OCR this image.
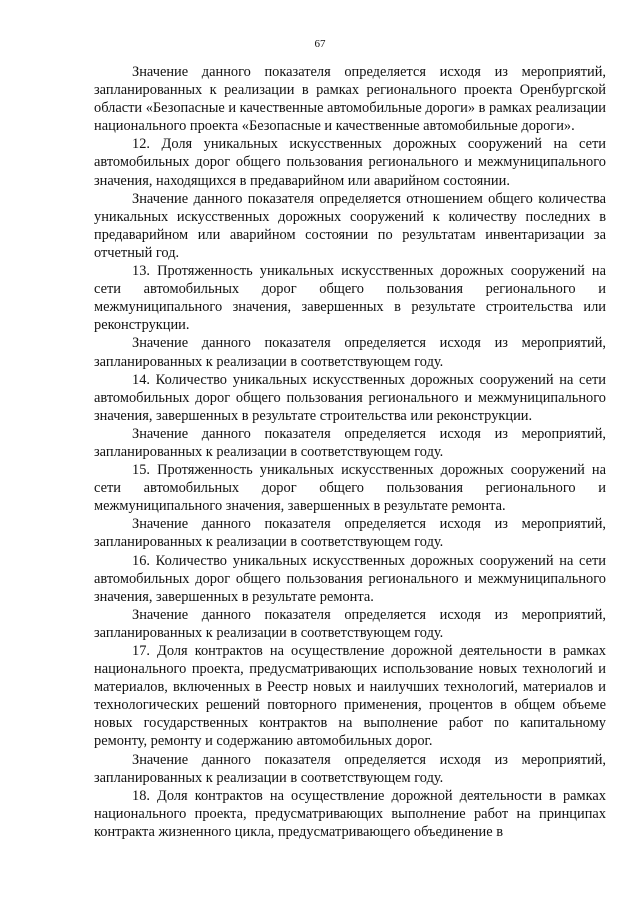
67

Значение данного показателя определяется исходя из мероприятий, запланированных к реализации в рамках регионального проекта Оренбургской области «Безопасные и качественные автомобильные дороги» в рамках реализации национального проекта «Безопасные и качественные автомобильные дороги».

12. Доля уникальных искусственных дорожных сооружений на сети автомобильных дорог общего пользования регионального и межмуниципального значения, находящихся в предаварийном или аварийном состоянии.

Значение данного показателя определяется отношением общего количества уникальных искусственных дорожных сооружений к количеству последних в предаварийном или аварийном состоянии по результатам инвентаризации за отчетный год.

13. Протяженность уникальных искусственных дорожных сооружений на сети автомобильных дорог общего пользования регионального и межмуниципального значения, завершенных в результате строительства или реконструкции.

Значение данного показателя определяется исходя из мероприятий, запланированных к реализации в соответствующем году.

14. Количество уникальных искусственных дорожных сооружений на сети автомобильных дорог общего пользования регионального и межмуниципального значения, завершенных в результате строительства или реконструкции.

Значение данного показателя определяется исходя из мероприятий, запланированных к реализации в соответствующем году.

15. Протяженность уникальных искусственных дорожных сооружений на сети автомобильных дорог общего пользования регионального и межмуниципального значения, завершенных в результате ремонта.

Значение данного показателя определяется исходя из мероприятий, запланированных к реализации в соответствующем году.

16. Количество уникальных искусственных дорожных сооружений на сети автомобильных дорог общего пользования регионального и межмуниципального значения, завершенных в результате ремонта.

Значение данного показателя определяется исходя из мероприятий, запланированных к реализации в соответствующем году.

17. Доля контрактов на осуществление дорожной деятельности в рамках национального проекта, предусматривающих использование новых технологий и материалов, включенных в Реестр новых и наилучших технологий, материалов и технологических решений повторного применения, процентов в общем объеме новых государственных контрактов на выполнение работ по капитальному ремонту, ремонту и содержанию автомобильных дорог.

Значение данного показателя определяется исходя из мероприятий, запланированных к реализации в соответствующем году.

18. Доля контрактов на осуществление дорожной деятельности в рамках национального проекта, предусматривающих выполнение работ на принципах контракта жизненного цикла, предусматривающего объединение в
